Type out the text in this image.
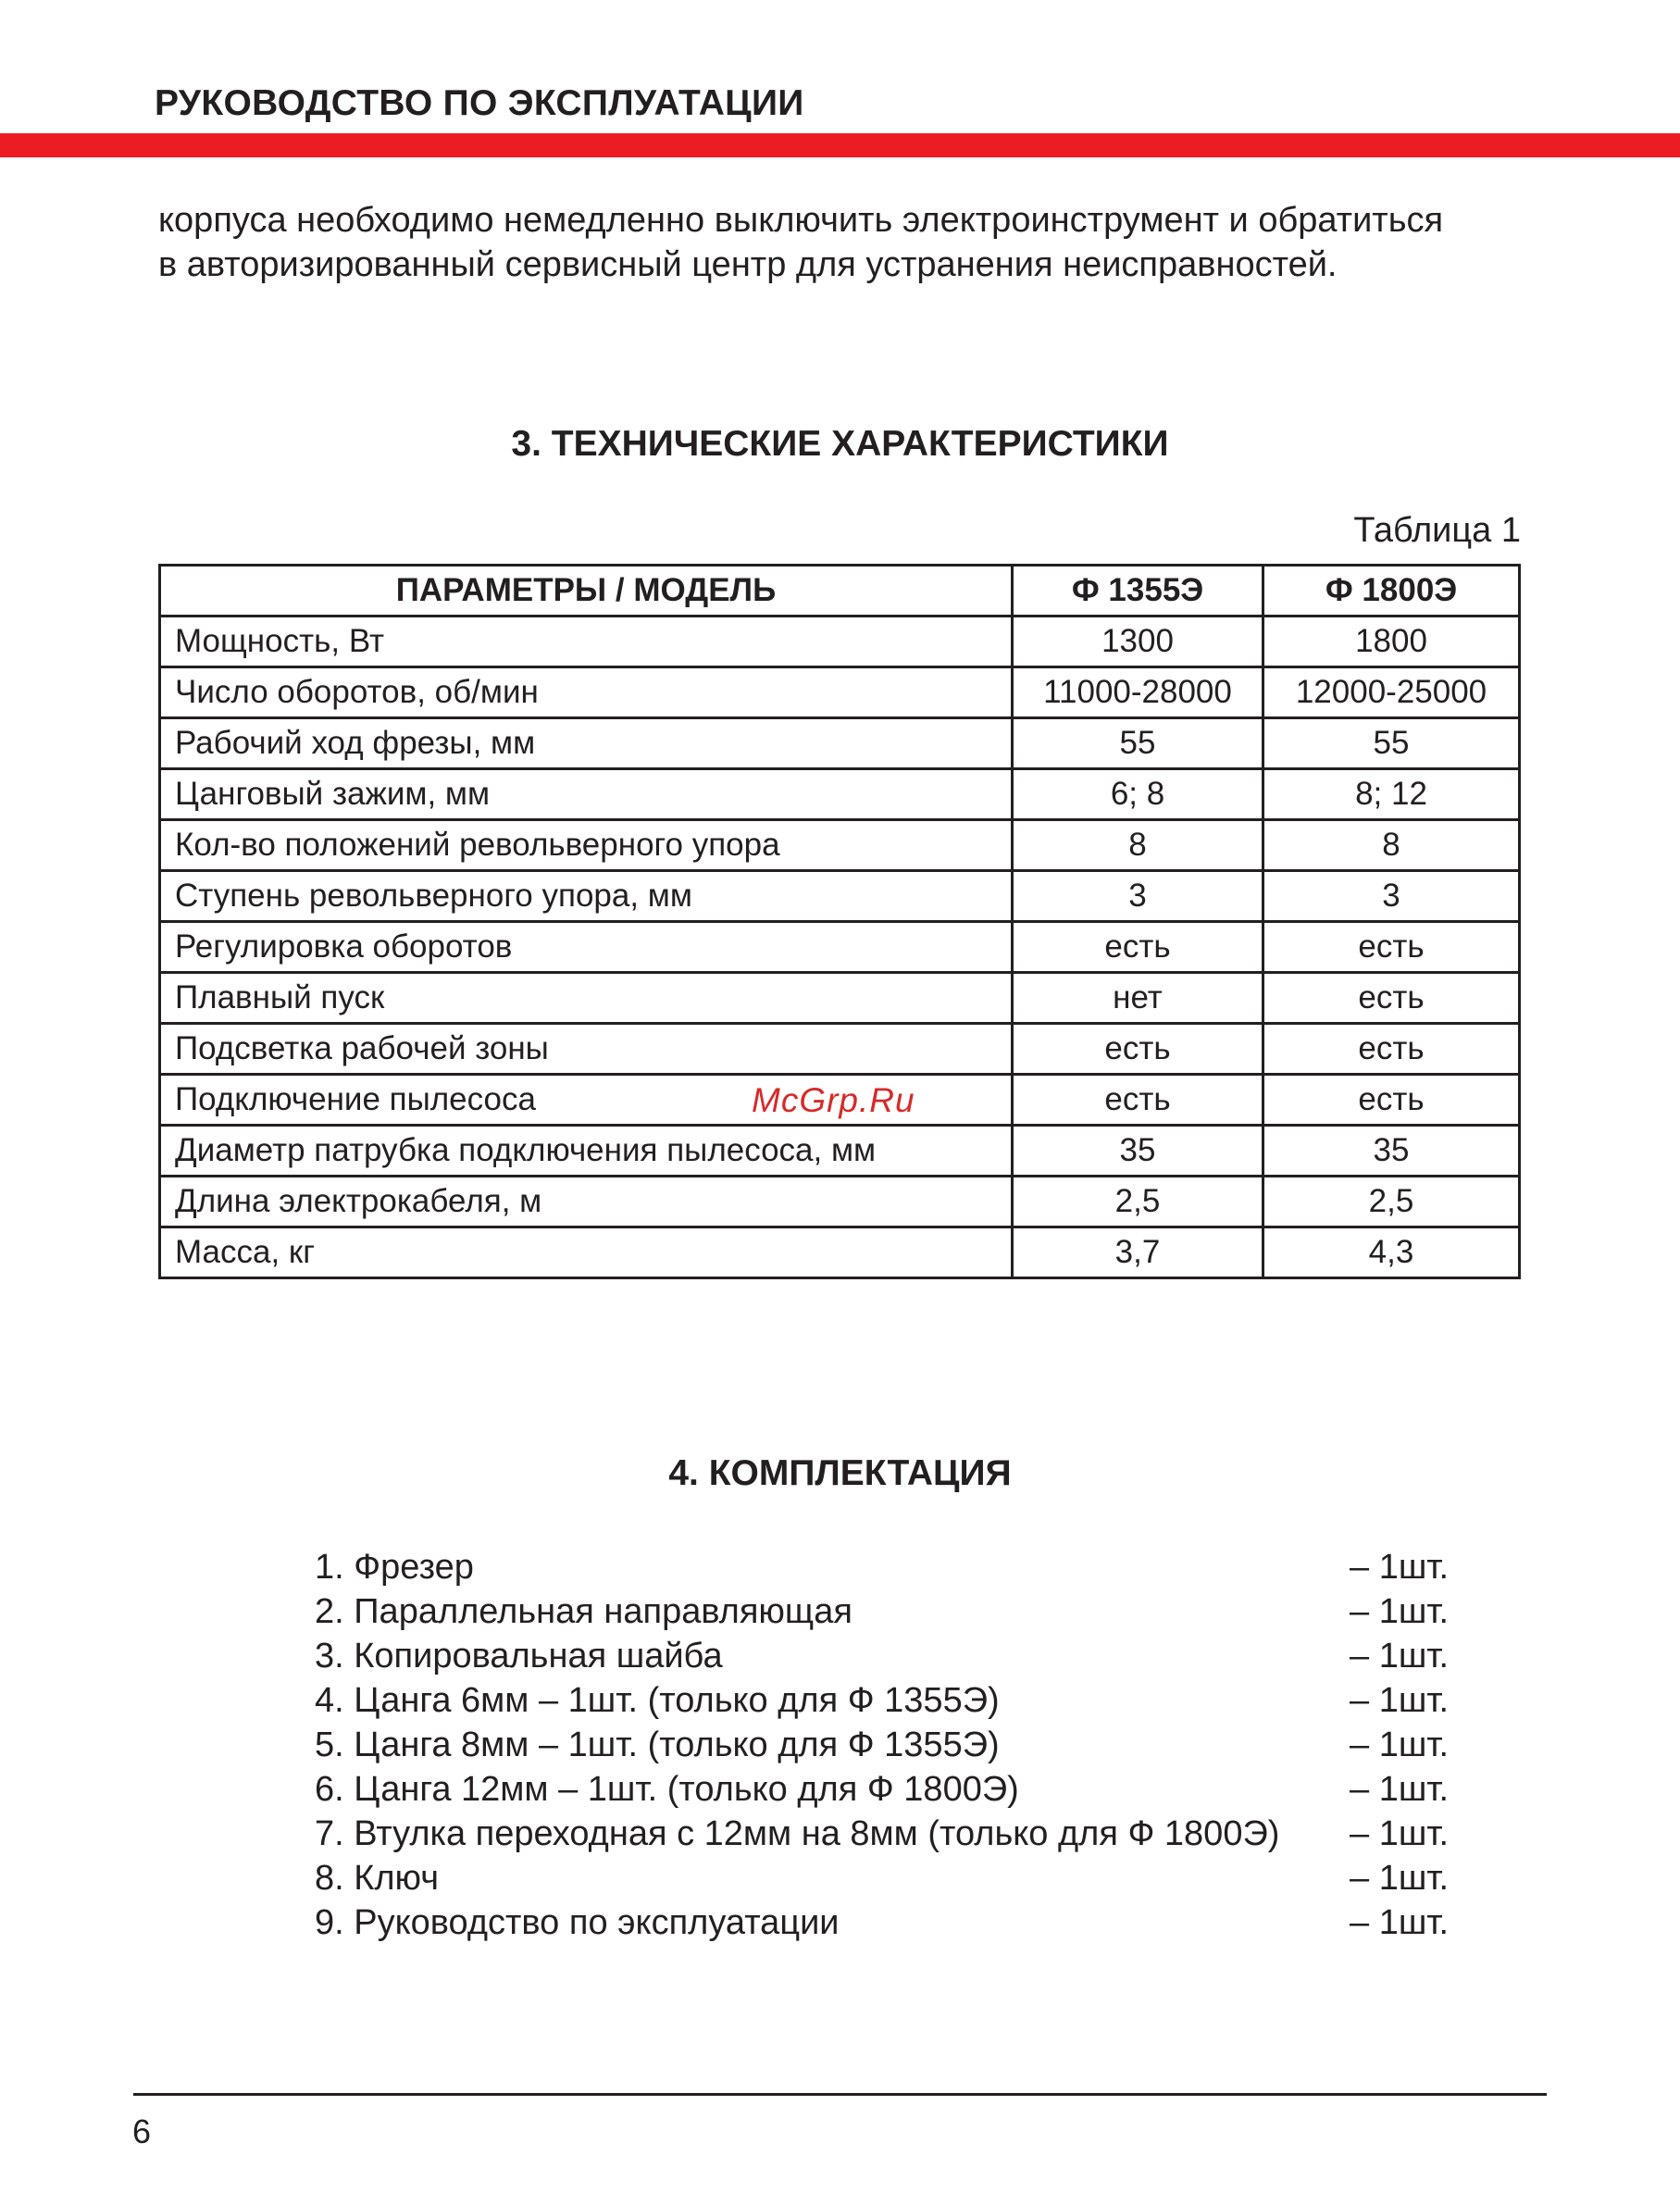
РУКОВОДСТВО ПО ЭКСПЛУАТАЦИИ

корпуса необходимо немедленно выключить электроинструмент и обратиться

в авторизированный сервисный центр для устранения неисправностей.

3. ТЕХНИЧЕСКИЕ ХАРАКТЕРИСТИКИ
Таблица 1
ПАРАМЕТРЫ / МОДЕЛЬ	Ф 1355Э	Ф 1800Э
Мощность, Вт	1300	1800
Число оборотов, об/мин	11000-28000	12000-25000
Рабочий ход фрезы, мм	55	55
Цанговый зажим, мм	6; 8	8; 12
Кол-во положений револьверного упора	8	8
Ступень револьверного упора, мм	3	3
Регулировка оборотов	есть	есть
Плавный пуск	нет	есть
Подсветка рабочей зоны	есть	есть
Подключение пылесоса	есть	есть
Диаметр патрубка подключения пылесоса, мм	35	35
Длина электрокабеля, м	2,5	2,5
Масса, кг	3,7	4,3
McGrp.Ru
4. КОМПЛЕКТАЦИЯ
1. Фрезер	– 1шт.
2. Параллельная направляющая	– 1шт.
3. Копировальная шайба	– 1шт.
4. Цанга 6мм – 1шт. (только для Ф 1355Э)	– 1шт.
5. Цанга 8мм – 1шт. (только для Ф 1355Э)	– 1шт.
6. Цанга 12мм – 1шт. (только для Ф 1800Э)	– 1шт.
7. Втулка переходная с 12мм на 8мм (только для Ф 1800Э) – 1шт.
8. Ключ	– 1шт.
9. Руководство по эксплуатации	– 1шт.
6
